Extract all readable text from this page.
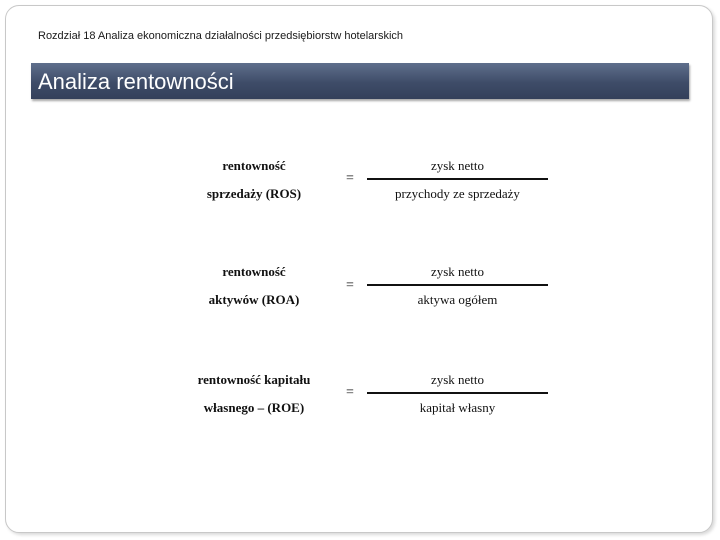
Rozdział 18 Analiza ekonomiczna działalności przedsiębiorstw hotelarskich
Analiza rentowności
rentowność
sprzedaży (ROS)
=
zysk netto
przychody ze sprzedaży
rentowność
aktywów (ROA)
=
zysk netto
aktywa ogółem
rentowność kapitału
własnego – (ROE)
=
zysk netto
kapitał własny
